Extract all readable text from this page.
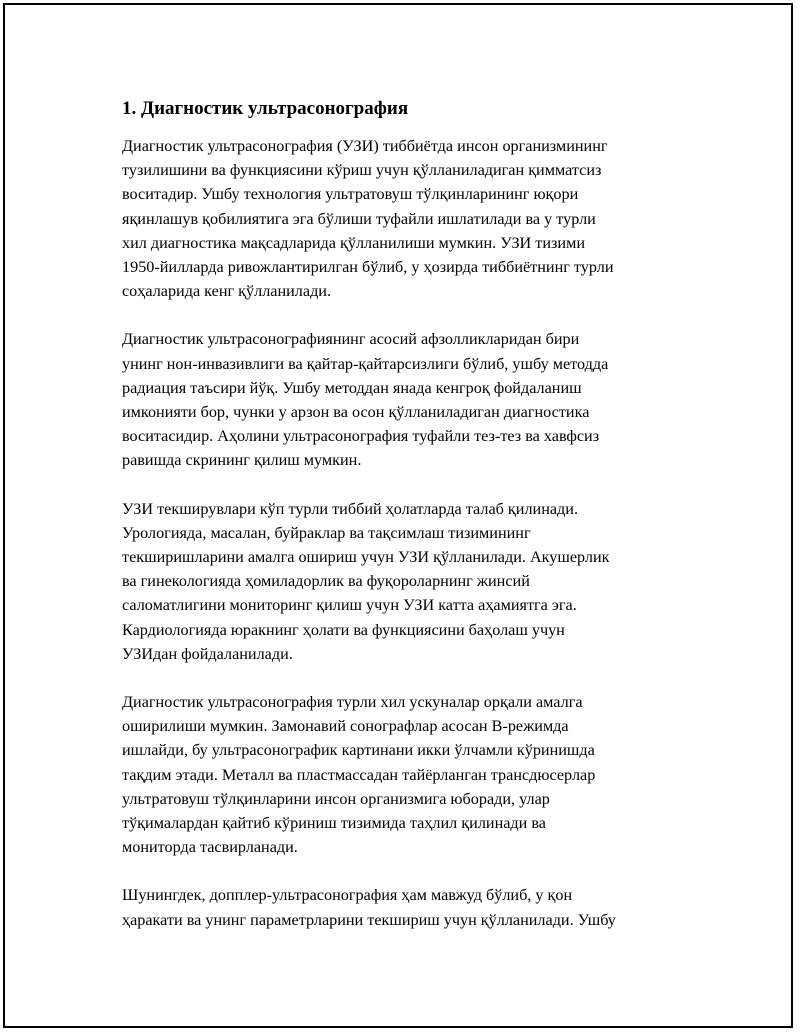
1. Диагностик ультрасонография

Диагностик ультрасонография (УЗИ) тиббиётда инсон организмининг
тузилишини ва функциясини кўриш учун қўлланиладиган қимматсиз
воситадир. Ушбу технология ультратовуш тўлқинларининг юқори
яқинлашув қобилиятига эга бўлиши туфайли ишлатилади ва у турли
хил диагностика мақсадларида қўлланилиши мумкин. УЗИ тизими
1950-йилларда ривожлантирилган бўлиб, у ҳозирда тиббиётнинг турли
соҳаларида кенг қўлланилади.

Диагностик ультрасонографиянинг асосий афзолликларидан бири
унинг нон-инвазивлиги ва қайтар-қайтарсизлиги бўлиб, ушбу методда
радиация таъсири йўқ. Ушбу методдан янада кенгроқ фойдаланиш
имконияти бор, чунки у арзон ва осон қўлланиладиган диагностика
воситасидир. Аҳолини ультрасонография туфайли тез-тез ва хавфсиз
равишда скрининг қилиш мумкин.

УЗИ текширувлари кўп турли тиббий ҳолатларда талаб қилинади.
Урологияда, масалан, буйраклар ва тақсимлаш тизимининг
текширишларини амалга ошириш учун УЗИ қўлланилади. Акушерлик
ва гинекологияда ҳомиладорлик ва фуқороларнинг жинсий
саломатлигини мониторинг қилиш учун УЗИ катта аҳамиятга эга.
Кардиологияда юракнинг ҳолати ва функциясини баҳолаш учун
УЗИдан фойдаланилади.

Диагностик ультрасонография турли хил ускуналар орқали амалга
оширилиши мумкин. Замонавий сонографлар асосан B-режимда
ишлайди, бу ультрасонографик картинани икки ўлчамли кўринишда
тақдим этади. Металл ва пластмассадан тайёрланган трансдюсерлар
ультратовуш тўлқинларини инсон организмига юборади, улар
тўқималардан қайтиб кўриниш тизимида таҳлил қилинади ва
мониторда тасвирланади.

Шунингдек, допплер-ультрасонография ҳам мавжуд бўлиб, у қон
ҳаракати ва унинг параметрларини текшириш учун қўлланилади. Ушбу
